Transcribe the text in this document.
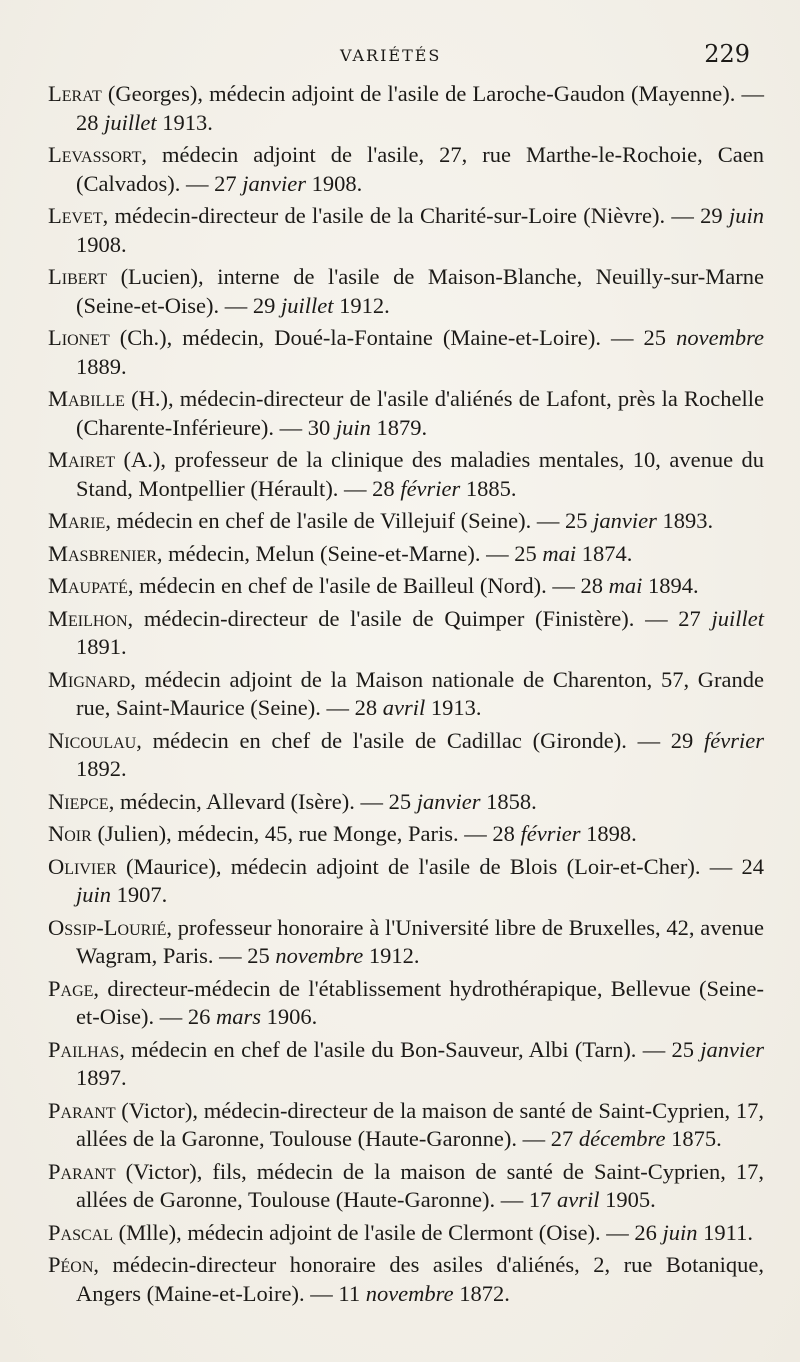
VARIÉTÉS	229

Lerat (Georges), médecin adjoint de l'asile de Laroche-Gaudon (Mayenne). — 28 juillet 1913.

Levassort, médecin adjoint de l'asile, 27, rue Marthe-le-Rochoie, Caen (Calvados). — 27 janvier 1908.

Levet, médecin-directeur de l'asile de la Charité-sur-Loire (Nièvre). — 29 juin 1908.

Libert (Lucien), interne de l'asile de Maison-Blanche, Neuilly-sur-Marne (Seine-et-Oise). — 29 juillet 1912.

Lionet (Ch.), médecin, Doué-la-Fontaine (Maine-et-Loire). — 25 novembre 1889.

Mabille (H.), médecin-directeur de l'asile d'aliénés de Lafont, près la Rochelle (Charente-Inférieure). — 30 juin 1879.

Mairet (A.), professeur de la clinique des maladies mentales, 10, avenue du Stand, Montpellier (Hérault). — 28 février 1885.

Marie, médecin en chef de l'asile de Villejuif (Seine). — 25 janvier 1893.

Masbrenier, médecin, Melun (Seine-et-Marne). — 25 mai 1874.

Maupaté, médecin en chef de l'asile de Bailleul (Nord). — 28 mai 1894.

Meilhon, médecin-directeur de l'asile de Quimper (Finistère). — 27 juillet 1891.

Mignard, médecin adjoint de la Maison nationale de Charenton, 57, Grande rue, Saint-Maurice (Seine). — 28 avril 1913.

Nicoulau, médecin en chef de l'asile de Cadillac (Gironde). — 29 février 1892.

Niepce, médecin, Allevard (Isère). — 25 janvier 1858.

Noir (Julien), médecin, 45, rue Monge, Paris. — 28 février 1898.

Olivier (Maurice), médecin adjoint de l'asile de Blois (Loir-et-Cher). — 24 juin 1907.

Ossip-Lourié, professeur honoraire à l'Université libre de Bruxelles, 42, avenue Wagram, Paris. — 25 novembre 1912.

Page, directeur-médecin de l'établissement hydrothérapique, Bellevue (Seine-et-Oise). — 26 mars 1906.

Pailhas, médecin en chef de l'asile du Bon-Sauveur, Albi (Tarn). — 25 janvier 1897.

Parant (Victor), médecin-directeur de la maison de santé de Saint-Cyprien, 17, allées de la Garonne, Toulouse (Haute-Garonne). — 27 décembre 1875.

Parant (Victor), fils, médecin de la maison de santé de Saint-Cyprien, 17, allées de Garonne, Toulouse (Haute-Garonne). — 17 avril 1905.

Pascal (Mlle), médecin adjoint de l'asile de Clermont (Oise). — 26 juin 1911.

Péon, médecin-directeur honoraire des asiles d'aliénés, 2, rue Botanique, Angers (Maine-et-Loire). — 11 novembre 1872.
